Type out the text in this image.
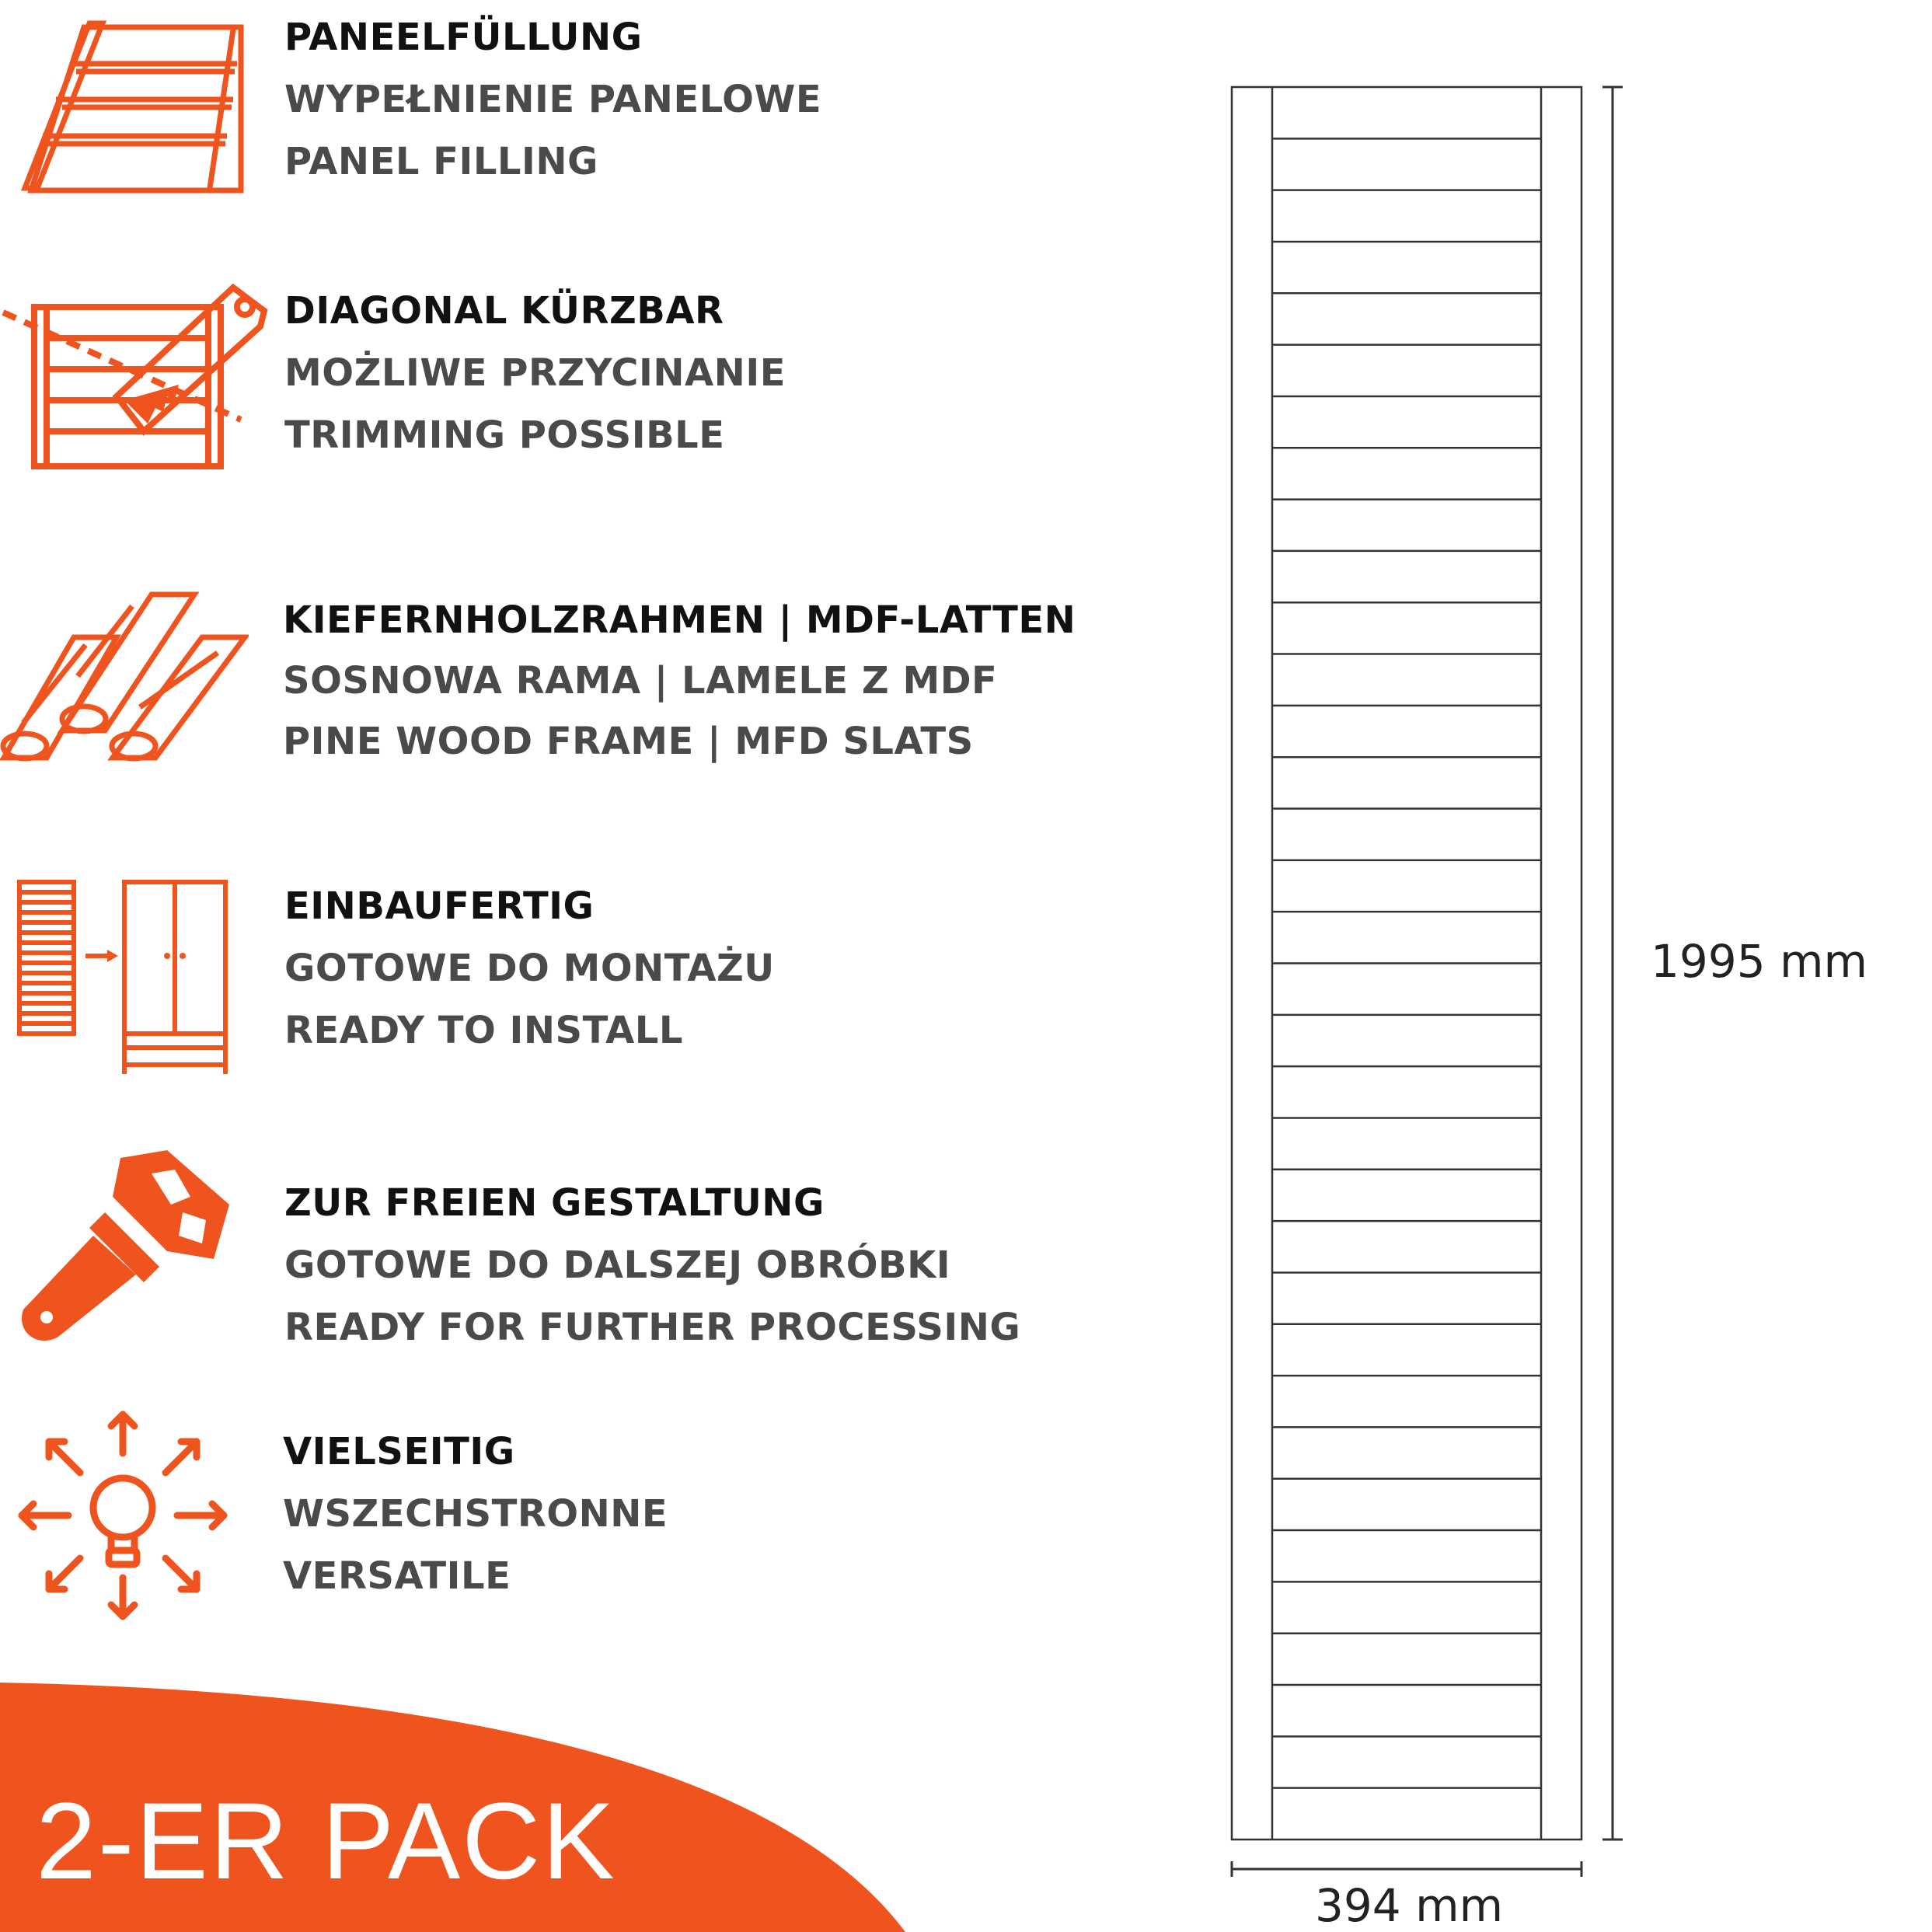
PANEELFÜLLUNG
WYPEŁNIENIE PANELOWE
PANEL FILLING
DIAGONAL KÜRZBAR
MOŻLIWE PRZYCINANIE
TRIMMING POSSIBLE
KIEFERNHOLZRAHMEN | MDF-LATTEN
SOSNOWA RAMA | LAMELE Z MDF
PINE WOOD FRAME | MFD SLATS
EINBAUFERTIG
GOTOWE DO MONTAŻU
READY TO INSTALL
ZUR FREIEN GESTALTUNG
GOTOWE DO DALSZEJ OBRÓBKI
READY FOR FURTHER PROCESSING
VIELSEITIG
WSZECHSTRONNE
VERSATILE
2-ER PACK
1995 mm
394 mm
